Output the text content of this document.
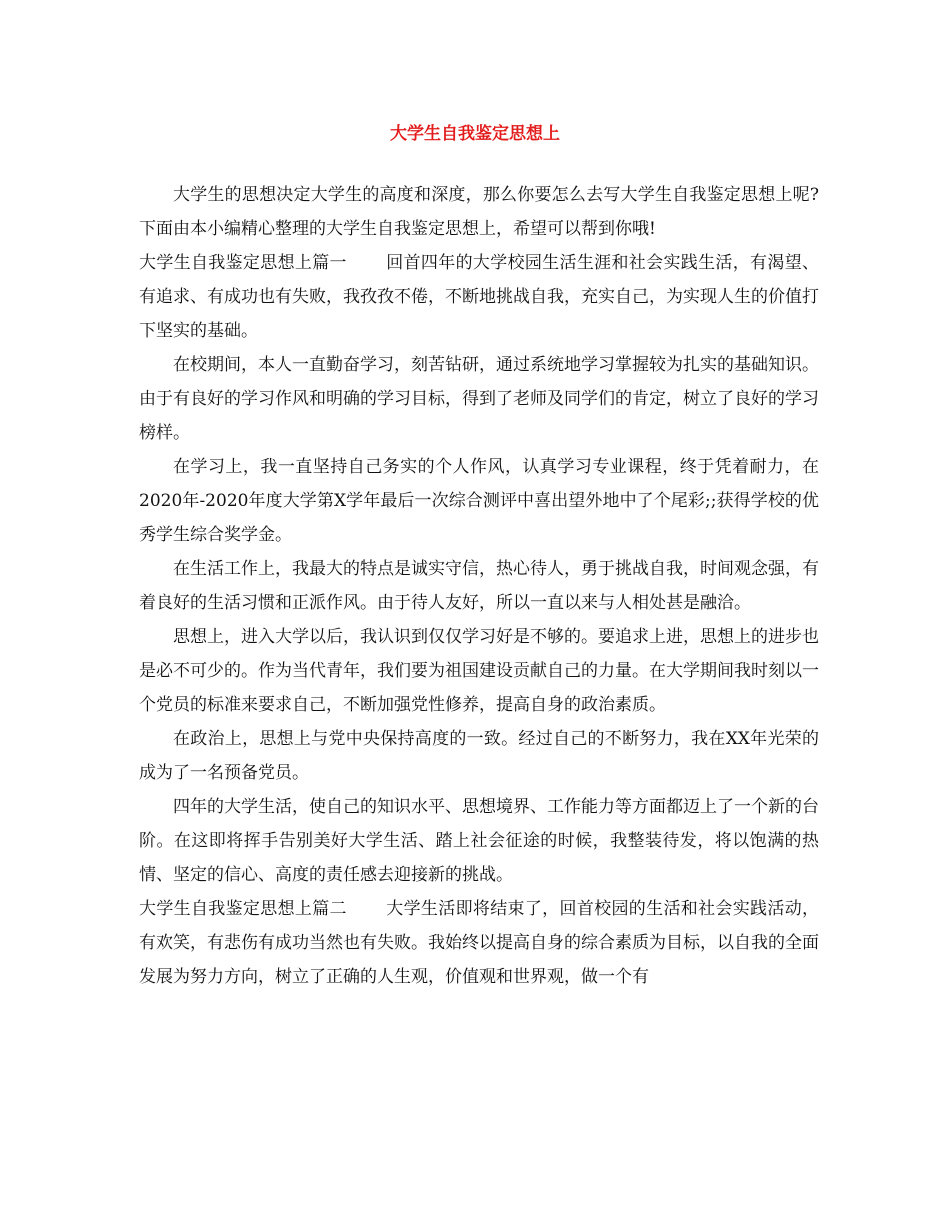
大学生自我鉴定思想上

大学生的思想决定大学生的高度和深度，那么你要怎么去写大学生自我鉴定思想上呢?下面由本小编精心整理的大学生自我鉴定思想上，希望可以帮到你哦!

大学生自我鉴定思想上篇一 回首四年的大学校园生活生涯和社会实践生活，有渴望、有追求、有成功也有失败，我孜孜不倦，不断地挑战自我，充实自己，为实现人生的价值打下坚实的基础。

在校期间，本人一直勤奋学习，刻苦钻研，通过系统地学习掌握较为扎实的基础知识。由于有良好的学习作风和明确的学习目标，得到了老师及同学们的肯定，树立了良好的学习榜样。

在学习上，我一直坚持自己务实的个人作风，认真学习专业课程，终于凭着耐力，在2020年-2020年度大学第X学年最后一次综合测评中喜出望外地中了个尾彩;;获得学校的优秀学生综合奖学金。

在生活工作上，我最大的特点是诚实守信，热心待人，勇于挑战自我，时间观念强，有着良好的生活习惯和正派作风。由于待人友好，所以一直以来与人相处甚是融洽。

思想上，进入大学以后，我认识到仅仅学习好是不够的。要追求上进，思想上的进步也是必不可少的。作为当代青年，我们要为祖国建设贡献自己的力量。在大学期间我时刻以一个党员的标准来要求自己，不断加强党性修养，提高自身的政治素质。

在政治上，思想上与党中央保持高度的一致。经过自己的不断努力，我在XX年光荣的成为了一名预备党员。

四年的大学生活，使自己的知识水平、思想境界、工作能力等方面都迈上了一个新的台阶。在这即将挥手告别美好大学生活、踏上社会征途的时候，我整装待发，将以饱满的热情、坚定的信心、高度的责任感去迎接新的挑战。

大学生自我鉴定思想上篇二 大学生活即将结束了，回首校园的生活和社会实践活动，有欢笑，有悲伤有成功当然也有失败。我始终以提高自身的综合素质为目标，以自我的全面发展为努力方向，树立了正确的人生观，价值观和世界观，做一个有
